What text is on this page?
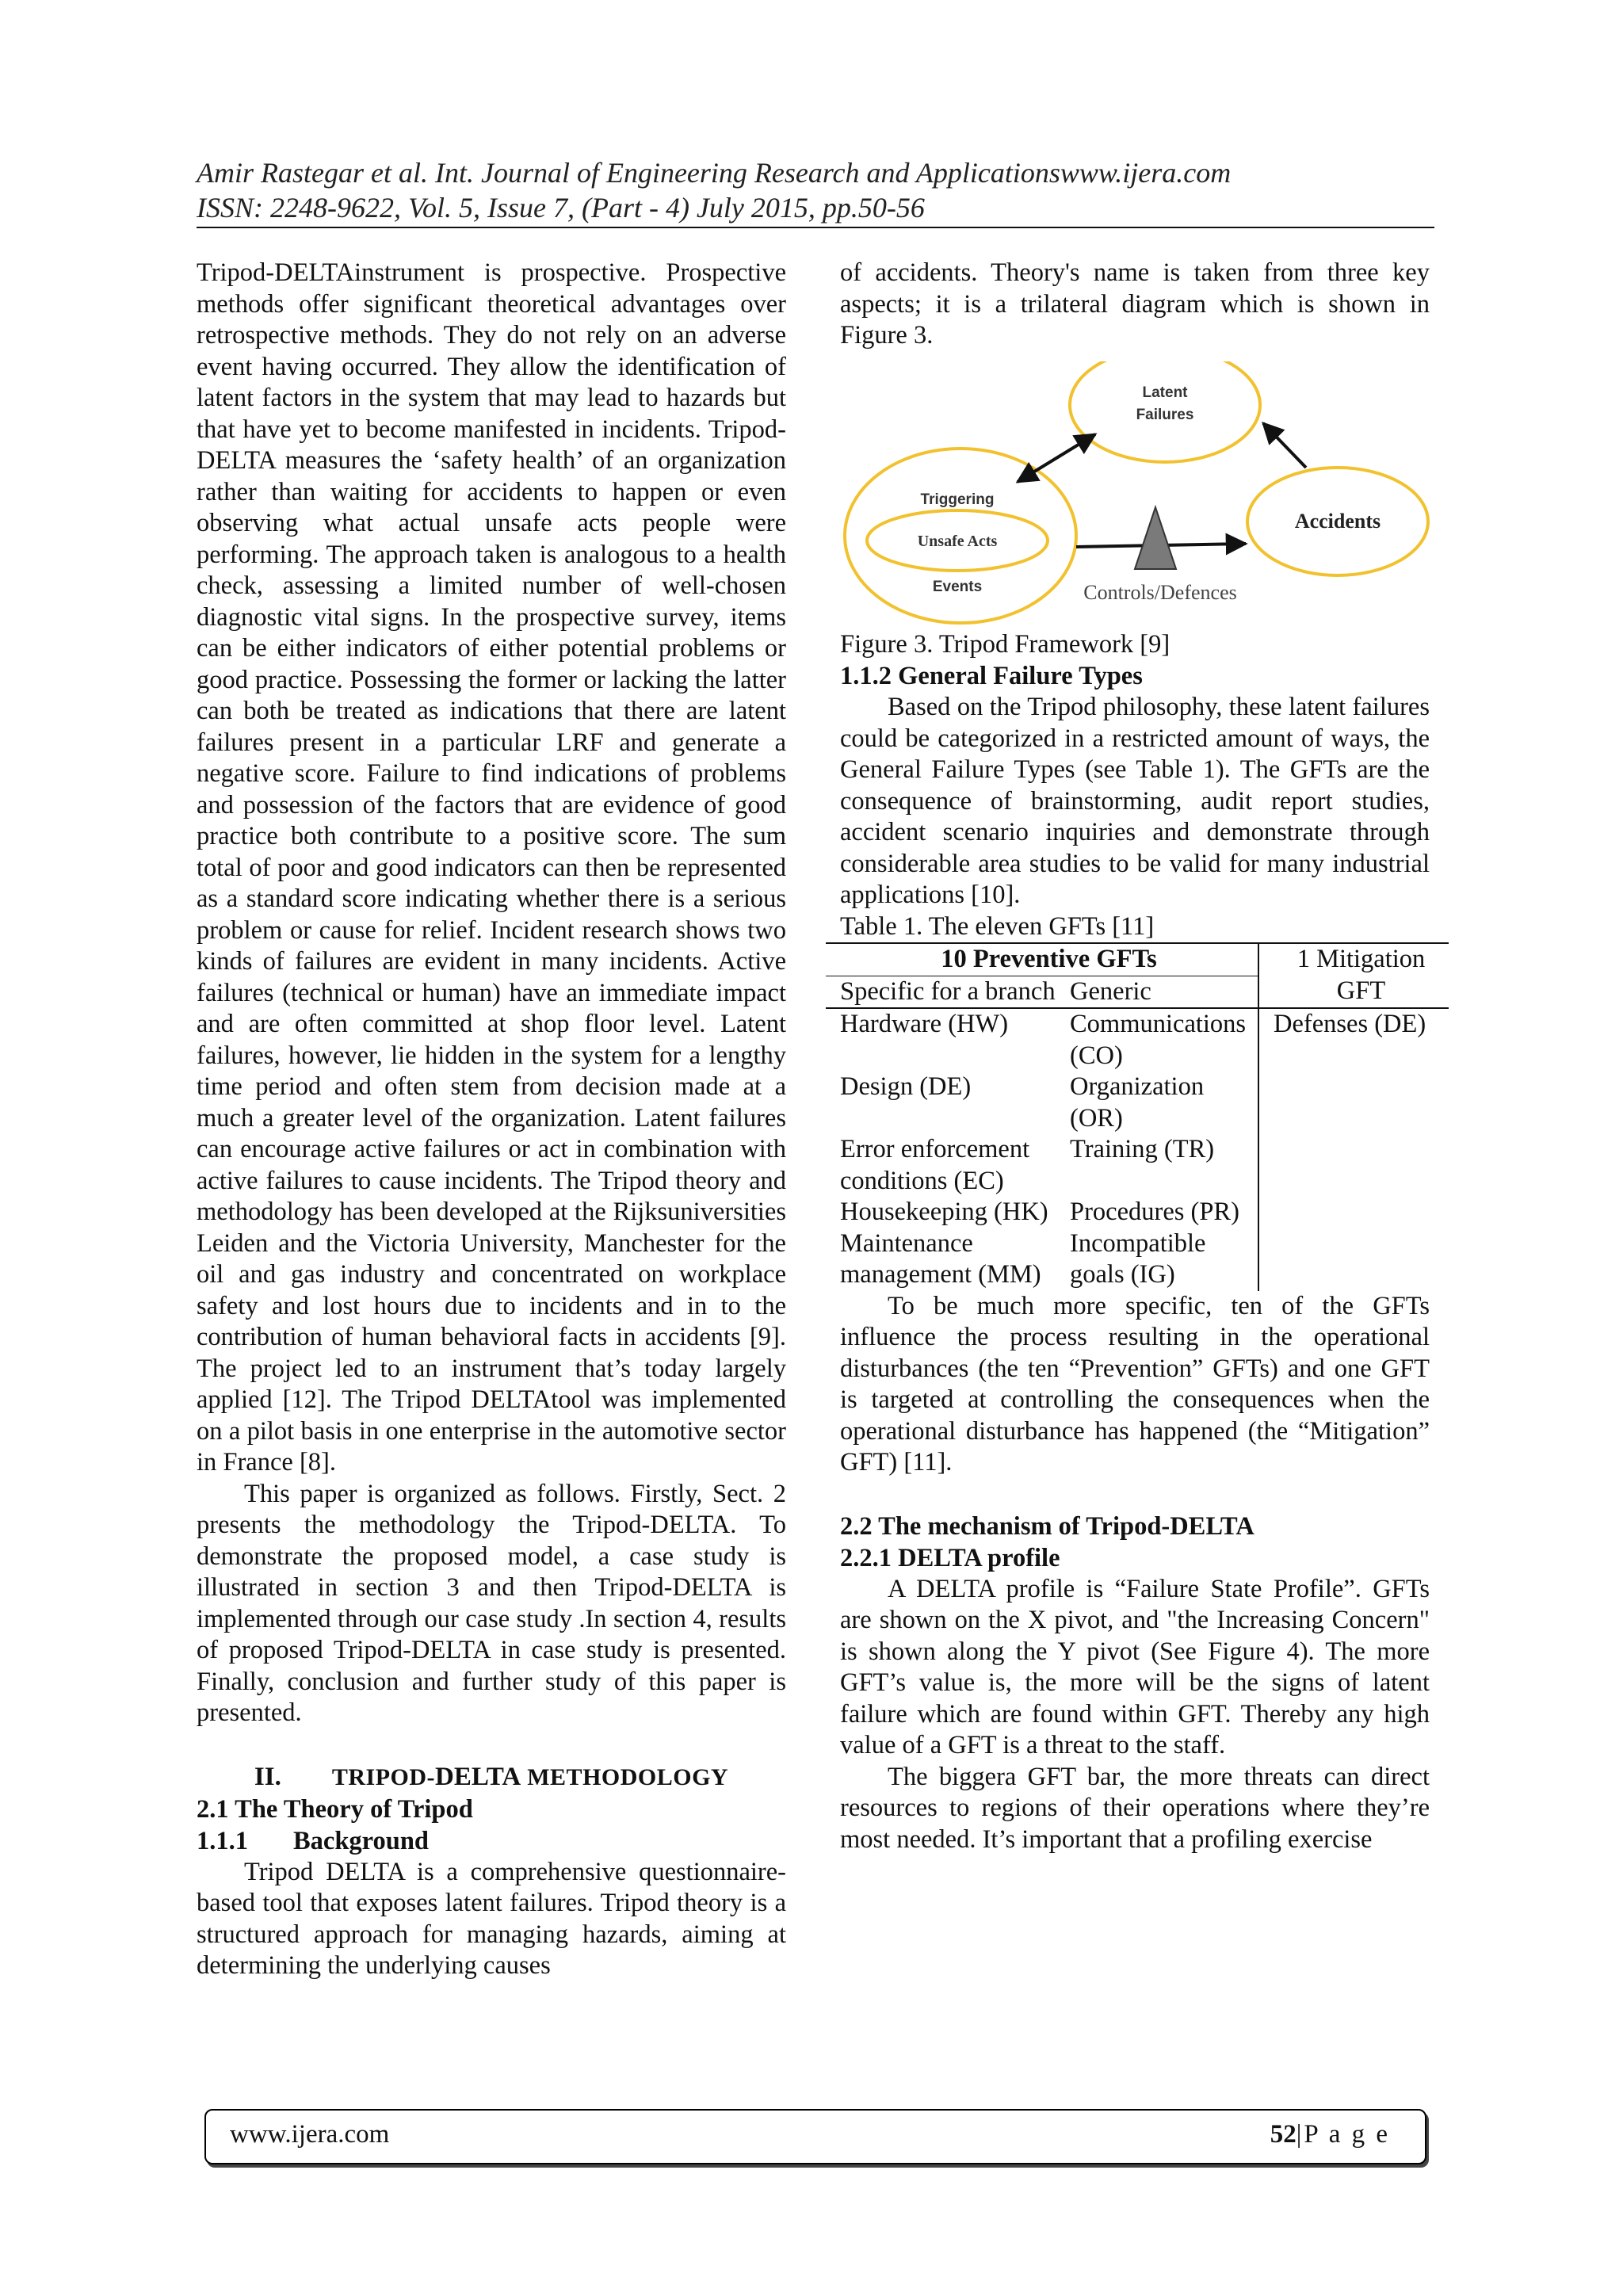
Amir Rastegar et al. Int. Journal of Engineering Research and Applicationswww.ijera.com
ISSN: 2248-9622, Vol. 5, Issue 7, (Part - 4) July 2015, pp.50-56

Tripod-DELTAinstrument is prospective. Prospective methods offer significant theoretical advantages over retrospective methods. They do not rely on an adverse event having occurred. They allow the identification of latent factors in the system that may lead to hazards but that have yet to become manifested in incidents. Tripod-DELTA measures the ‘safety health’ of an organization rather than waiting for accidents to happen or even observing what actual unsafe acts people were performing. The approach taken is analogous to a health check, assessing a limited number of well-chosen diagnostic vital signs. In the prospective survey, items can be either indicators of either potential problems or good practice. Possessing the former or lacking the latter can both be treated as indications that there are latent failures present in a particular LRF and generate a negative score. Failure to find indications of problems and possession of the factors that are evidence of good practice both contribute to a positive score. The sum total of poor and good indicators can then be represented as a standard score indicating whether there is a serious problem or cause for relief. Incident research shows two kinds of failures are evident in many incidents. Active failures (technical or human) have an immediate impact and are often committed at shop floor level. Latent failures, however, lie hidden in the system for a lengthy time period and often stem from decision made at a much a greater level of the organization. Latent failures can encourage active failures or act in combination with active failures to cause incidents. The Tripod theory and methodology has been developed at the Rijksuniversities Leiden and the Victoria University, Manchester for the oil and gas industry and concentrated on workplace safety and lost hours due to incidents and in to the contribution of human behavioral facts in accidents [9]. The project led to an instrument that’s today largely applied [12]. The Tripod DELTAtool was implemented on a pilot basis in one enterprise in the automotive sector in France [8].

This paper is organized as follows. Firstly, Sect. 2 presents the methodology the Tripod-DELTA. To demonstrate the proposed model, a case study is illustrated in section 3 and then Tripod-DELTA is implemented through our case study .In section 4, results of proposed Tripod-DELTA in case study is presented. Finally, conclusion and further study of this paper is presented.

II. TRIPOD-DELTA METHODOLOGY
2.1 The Theory of Tripod
1.1.1 Background

Tripod DELTA is a comprehensive questionnaire-based tool that exposes latent failures. Tripod theory is a structured approach for managing hazards, aiming at determining the underlying causes

of accidents. Theory's name is taken from three key aspects; it is a trilateral diagram which is shown in Figure 3.

Latent
Failures
Accidents
Triggering
Unsafe Acts
Events	Controls/Defences

Figure 3. Tripod Framework [9]

1.1.2 General Failure Types

Based on the Tripod philosophy, these latent failures could be categorized in a restricted amount of ways, the General Failure Types (see Table 1). The GFTs are the consequence of brainstorming, audit report studies, accident scenario inquiries and demonstrate through considerable area studies to be valid for many industrial applications [10].

Table 1. The eleven GFTs [11]

10 Preventive GFTs		1 Mitigation GFT
Specific for a branch	Generic	
Hardware (HW)	Communications (CO)	Defenses (DE)
Design (DE)	Organization (OR)	
Error enforcement conditions (EC)	Training (TR)	
Housekeeping (HK)	Procedures (PR)	
Maintenance management (MM)	Incompatible goals (IG)	

To be much more specific, ten of the GFTs influence the process resulting in the operational disturbances (the ten “Prevention” GFTs) and one GFT is targeted at controlling the consequences when the operational disturbance has happened (the “Mitigation” GFT) [11].

2.2 The mechanism of Tripod-DELTA
2.2.1 DELTA profile

A DELTA profile is “Failure State Profile”. GFTs are shown on the X pivot, and "the Increasing Concern" is shown along the Y pivot (See Figure 4). The more GFT’s value is, the more will be the signs of latent failure which are found within GFT. Thereby any high value of a GFT is a threat to the staff.

The biggera GFT bar, the more threats can direct resources to regions of their operations where they’re most needed. It’s important that a profiling exercise

www.ijera.com	52|P a g e
